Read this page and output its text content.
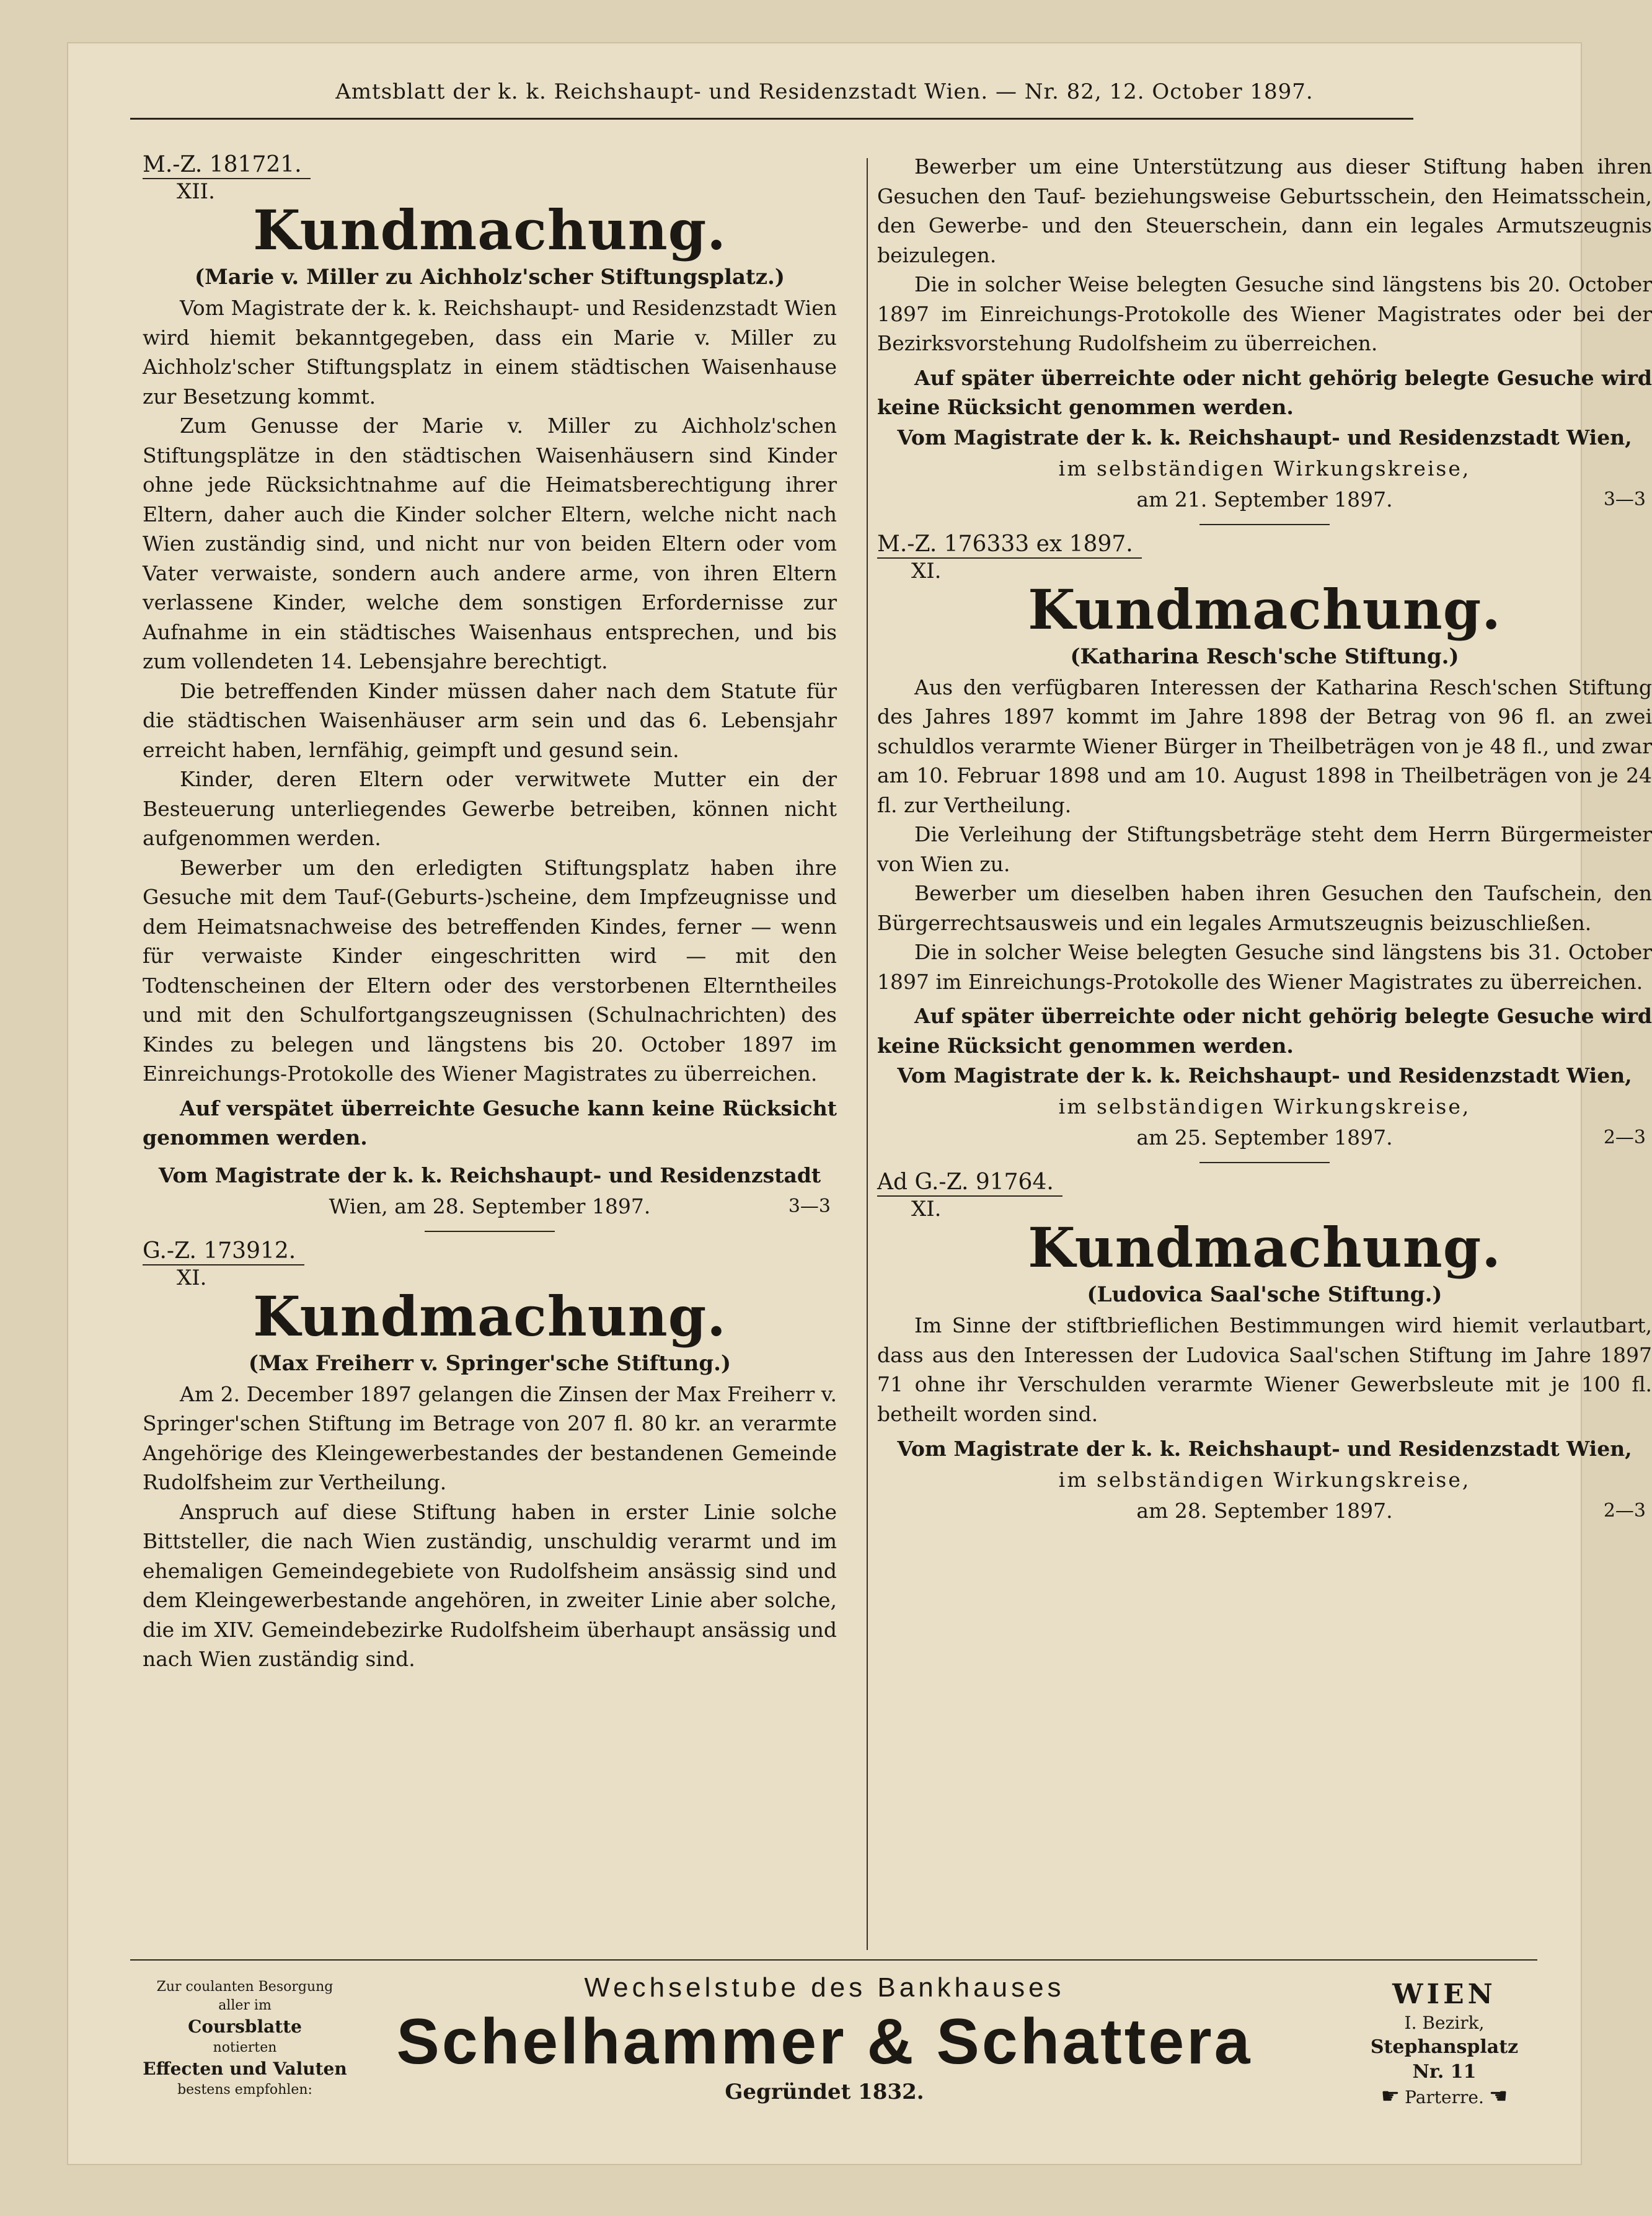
Amtsblatt der k. k. Reichshaupt- und Residenzstadt Wien. — Nr. 82, 12. October 1897.
M.-Z. 181721.
XII.
Kundmachung.
(Marie v. Miller zu Aichholz'scher Stiftungsplatz.)

Vom Magistrate der k. k. Reichshaupt- und Residenzstadt Wien wird hiemit bekanntgegeben, dass ein Marie v. Miller zu Aichholz'scher Stiftungsplatz in einem städtischen Waisenhause zur Besetzung kommt.

Zum Genusse der Marie v. Miller zu Aichholz'schen Stiftungsplätze in den städtischen Waisenhäusern sind Kinder ohne jede Rücksichtnahme auf die Heimatsberechtigung ihrer Eltern, daher auch die Kinder solcher Eltern, welche nicht nach Wien zuständig sind, und nicht nur von beiden Eltern oder vom Vater verwaiste, sondern auch andere arme, von ihren Eltern verlassene Kinder, welche dem sonstigen Erfordernisse zur Aufnahme in ein städtisches Waisenhaus entsprechen, und bis zum vollendeten 14. Lebensjahre berechtigt.

Die betreffenden Kinder müssen daher nach dem Statute für die städtischen Waisenhäuser arm sein und das 6. Lebensjahr erreicht haben, lernfähig, geimpft und gesund sein.

Kinder, deren Eltern oder verwitwete Mutter ein der Besteuerung unterliegendes Gewerbe betreiben, können nicht aufgenommen werden.

Bewerber um den erledigten Stiftungsplatz haben ihre Gesuche mit dem Tauf-(Geburts-)scheine, dem Impfzeugnisse und dem Heimatsnachweise des betreffenden Kindes, ferner — wenn für verwaiste Kinder eingeschritten wird — mit den Todtenscheinen der Eltern oder des verstorbenen Elterntheiles und mit den Schulfortgangszeugnissen (Schulnachrichten) des Kindes zu belegen und längstens bis 20. October 1897 im Einreichungs-Protokolle des Wiener Magistrates zu überreichen.

Auf verspätet überreichte Gesuche kann keine Rücksicht genommen werden.

Vom Magistrate der k. k. Reichshaupt- und Residenzstadt
Wien, am 28. September 1897.	3—3
G.-Z. 173912.
XI.
Kundmachung.
(Max Freiherr v. Springer'sche Stiftung.)

Am 2. December 1897 gelangen die Zinsen der Max Freiherr v. Springer'schen Stiftung im Betrage von 207 fl. 80 kr. an verarmte Angehörige des Kleingewerbestandes der bestandenen Gemeinde Rudolfsheim zur Vertheilung.

Anspruch auf diese Stiftung haben in erster Linie solche Bittsteller, die nach Wien zuständig, unschuldig verarmt und im ehemaligen Gemeindegebiete von Rudolfsheim ansässig sind und dem Kleingewerbestande angehören, in zweiter Linie aber solche, die im XIV. Gemeindebezirke Rudolfsheim überhaupt ansässig und nach Wien zuständig sind.

Bewerber um eine Unterstützung aus dieser Stiftung haben ihren Gesuchen den Tauf- beziehungsweise Geburtsschein, den Heimatsschein, den Gewerbe- und den Steuerschein, dann ein legales Armutszeugnis beizulegen.

Die in solcher Weise belegten Gesuche sind längstens bis 20. October 1897 im Einreichungs-Protokolle des Wiener Magistrates oder bei der Bezirksvorstehung Rudolfsheim zu überreichen.

Auf später überreichte oder nicht gehörig belegte Gesuche wird keine Rücksicht genommen werden.

Vom Magistrate der k. k. Reichshaupt- und Residenzstadt Wien,
im selbständigen Wirkungskreise,
am 21. September 1897.	3—3
M.-Z. 176333 ex 1897.
XI.
Kundmachung.
(Katharina Resch'sche Stiftung.)

Aus den verfügbaren Interessen der Katharina Resch'schen Stiftung des Jahres 1897 kommt im Jahre 1898 der Betrag von 96 fl. an zwei schuldlos verarmte Wiener Bürger in Theilbeträgen von je 48 fl., und zwar am 10. Februar 1898 und am 10. August 1898 in Theilbeträgen von je 24 fl. zur Vertheilung.

Die Verleihung der Stiftungsbeträge steht dem Herrn Bürgermeister von Wien zu.

Bewerber um dieselben haben ihren Gesuchen den Taufschein, den Bürgerrechtsausweis und ein legales Armutszeugnis beizuschließen.

Die in solcher Weise belegten Gesuche sind längstens bis 31. October 1897 im Einreichungs-Protokolle des Wiener Magistrates zu überreichen.

Auf später überreichte oder nicht gehörig belegte Gesuche wird keine Rücksicht genommen werden.

Vom Magistrate der k. k. Reichshaupt- und Residenzstadt Wien,
im selbständigen Wirkungskreise,
am 25. September 1897.	2—3
Ad G.-Z. 91764.
XI.
Kundmachung.
(Ludovica Saal'sche Stiftung.)

Im Sinne der stiftbrieflichen Bestimmungen wird hiemit verlautbart, dass aus den Interessen der Ludovica Saal'schen Stiftung im Jahre 1897 71 ohne ihr Verschulden verarmte Wiener Gewerbsleute mit je 100 fl. betheilt worden sind.

Vom Magistrate der k. k. Reichshaupt- und Residenzstadt Wien,
im selbständigen Wirkungskreise,
am 28. September 1897.	2—3
Zur coulanten Besorgung
aller im
Coursblatte
notierten
Effecten und Valuten
bestens empfohlen:
Wechselstube des Bankhauses
Schelhammer & Schattera
Gegründet 1832.
WIEN
I. Bezirk,
Stephansplatz
Nr. 11
☛ Parterre. ☚
